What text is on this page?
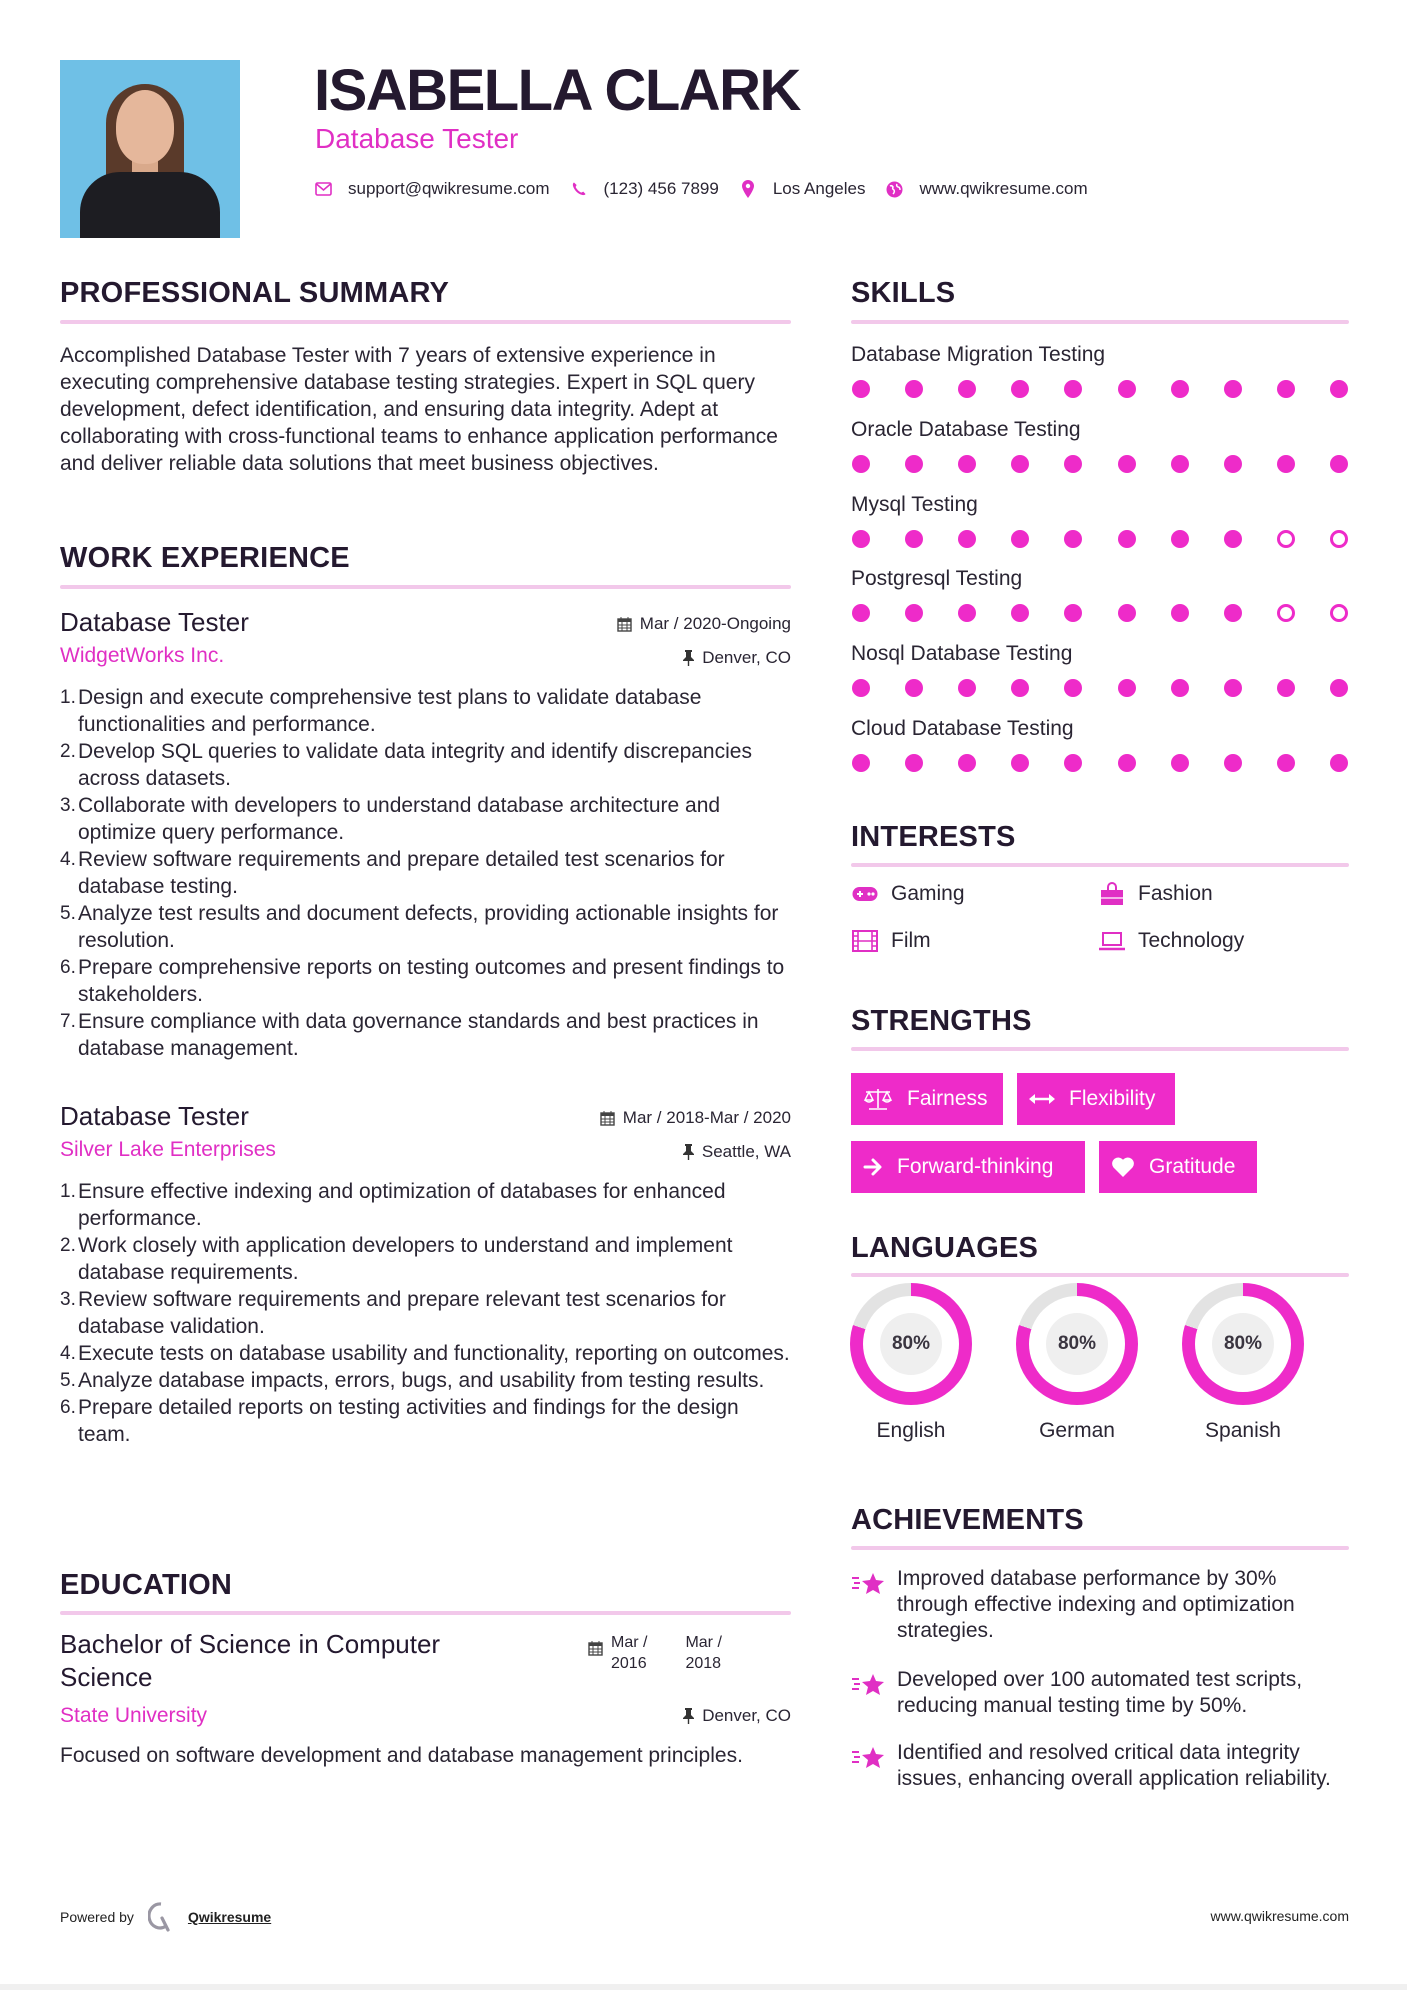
ISABELLA CLARK
Database Tester
support@qwikresume.com	(123) 456 7899	Los Angeles	www.qwikresume.com
PROFESSIONAL SUMMARY
Accomplished Database Tester with 7 years of extensive experience in executing comprehensive database testing strategies. Expert in SQL query development, defect identification, and ensuring data integrity. Adept at collaborating with cross-functional teams to enhance application performance and deliver reliable data solutions that meet business objectives.
WORK EXPERIENCE
Database Tester
WidgetWorks Inc.
Mar / 2020-Ongoing
Denver, CO
1. Design and execute comprehensive test plans to validate database functionalities and performance.
2. Develop SQL queries to validate data integrity and identify discrepancies across datasets.
3. Collaborate with developers to understand database architecture and optimize query performance.
4. Review software requirements and prepare detailed test scenarios for database testing.
5. Analyze test results and document defects, providing actionable insights for resolution.
6. Prepare comprehensive reports on testing outcomes and present findings to stakeholders.
7. Ensure compliance with data governance standards and best practices in database management.
Database Tester
Silver Lake Enterprises
Mar / 2018-Mar / 2020
Seattle, WA
1. Ensure effective indexing and optimization of databases for enhanced performance.
2. Work closely with application developers to understand and implement database requirements.
3. Review software requirements and prepare relevant test scenarios for database validation.
4. Execute tests on database usability and functionality, reporting on outcomes.
5. Analyze database impacts, errors, bugs, and usability from testing results.
6. Prepare detailed reports on testing activities and findings for the design team.
EDUCATION
Bachelor of Science in Computer Science
State University
Focused on software development and database management principles.
Mar /
2016
Mar /
2018
Denver, CO
SKILLS
Database Migration Testing
Oracle Database Testing
Mysql Testing
Postgresql Testing
Nosql Database Testing
Cloud Database Testing
INTERESTS
Gaming	Fashion
Film	Technology
STRENGTHS
Fairness	Flexibility
Forward-thinking	Gratitude
LANGUAGES
80%
English
80%
German
80%
Spanish
ACHIEVEMENTS
Improved database performance by 30% through effective indexing and optimization strategies.
Developed over 100 automated test scripts, reducing manual testing time by 50%.
Identified and resolved critical data integrity issues, enhancing overall application reliability.
Powered by	Qwikresume	www.qwikresume.com
